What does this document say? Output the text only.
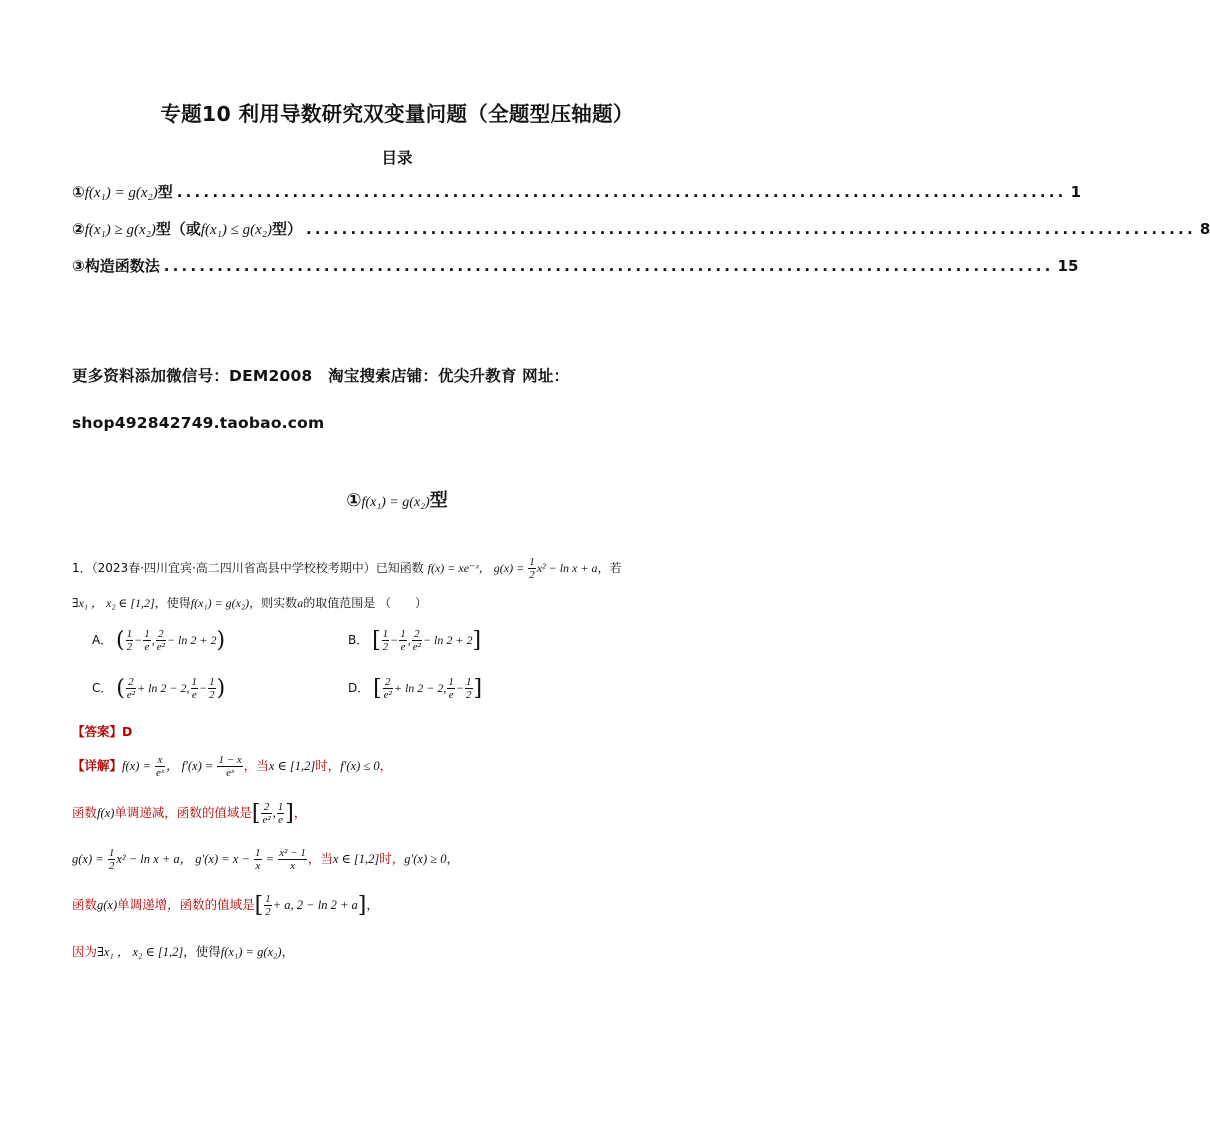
专题10 利用导数研究双变量问题（全题型压轴题）
目录
①f(x₁) = g(x₂)型 .................................................................................................... 1
②f(x₁) ≥ g(x₂)型（或f(x₁) ≤ g(x₂)型） .................................................................................................... 8
③构造函数法 .................................................................................................... 15
更多资料添加微信号：DEM2008　淘宝搜索店铺：优尖升教育 网址：
shop492842749.taobao.com
①f(x₁) = g(x₂)型
1．（2023春·四川宜宾·高二四川省高县中学校校考期中）已知函数 f(x) = xe⁻ˣ， $g(x) = \frac{1}{2} x^2 - \ln x + a$，若
∃x₁ ， x₂ ∈ [1,2]，使得f(x₁) = g(x₂)，则实数a的取值范围是 （　　）
A． ( $\frac{1}{2} - \frac{1}{e}$ , $\frac{2}{\text{e²}} - \ln 2 + 2$)	B． [ $\frac{1}{2} - \frac{1}{e}$ , $\frac{2}{\text{e²}} - \ln 2 + 2$]
C． ( $\frac{2}{\text{e²}} + \ln 2 - 2$, $\frac{1}{e} - \frac{1}{2}$ )	D． [ $\frac{2}{\text{e²}} + \ln 2 - 2$, $\frac{1}{e} - \frac{1}{2}$ ]
【答案】D
【详解】$f(x) = \frac{x}{\text{eˣ}}$ ， $f'(x) = \frac{1 - x}{\text{eˣ}}$ ，当x ∈ [1,2]时，f′(x) ≤ 0，
函数f(x)单调递减，函数的值域是[ $\frac{2}{\text{e²}}$ , $\frac{1}{e}$ ]，
$g(x) = \frac{1}{2} x^2 - \ln x + a$， $g'(x) = x - \frac{1}{x} = \frac{\text{x² − 1}}{x}$ ，当x ∈ [1,2]时，g′(x) ≥ 0，
函数g(x)单调递增，函数的值域是[ $\frac{1}{2} + a$, 2 − ln 2 + a]，
因为∃x₁ ， x₂ ∈ [1,2]，使得f(x₁) = g(x₂)，
